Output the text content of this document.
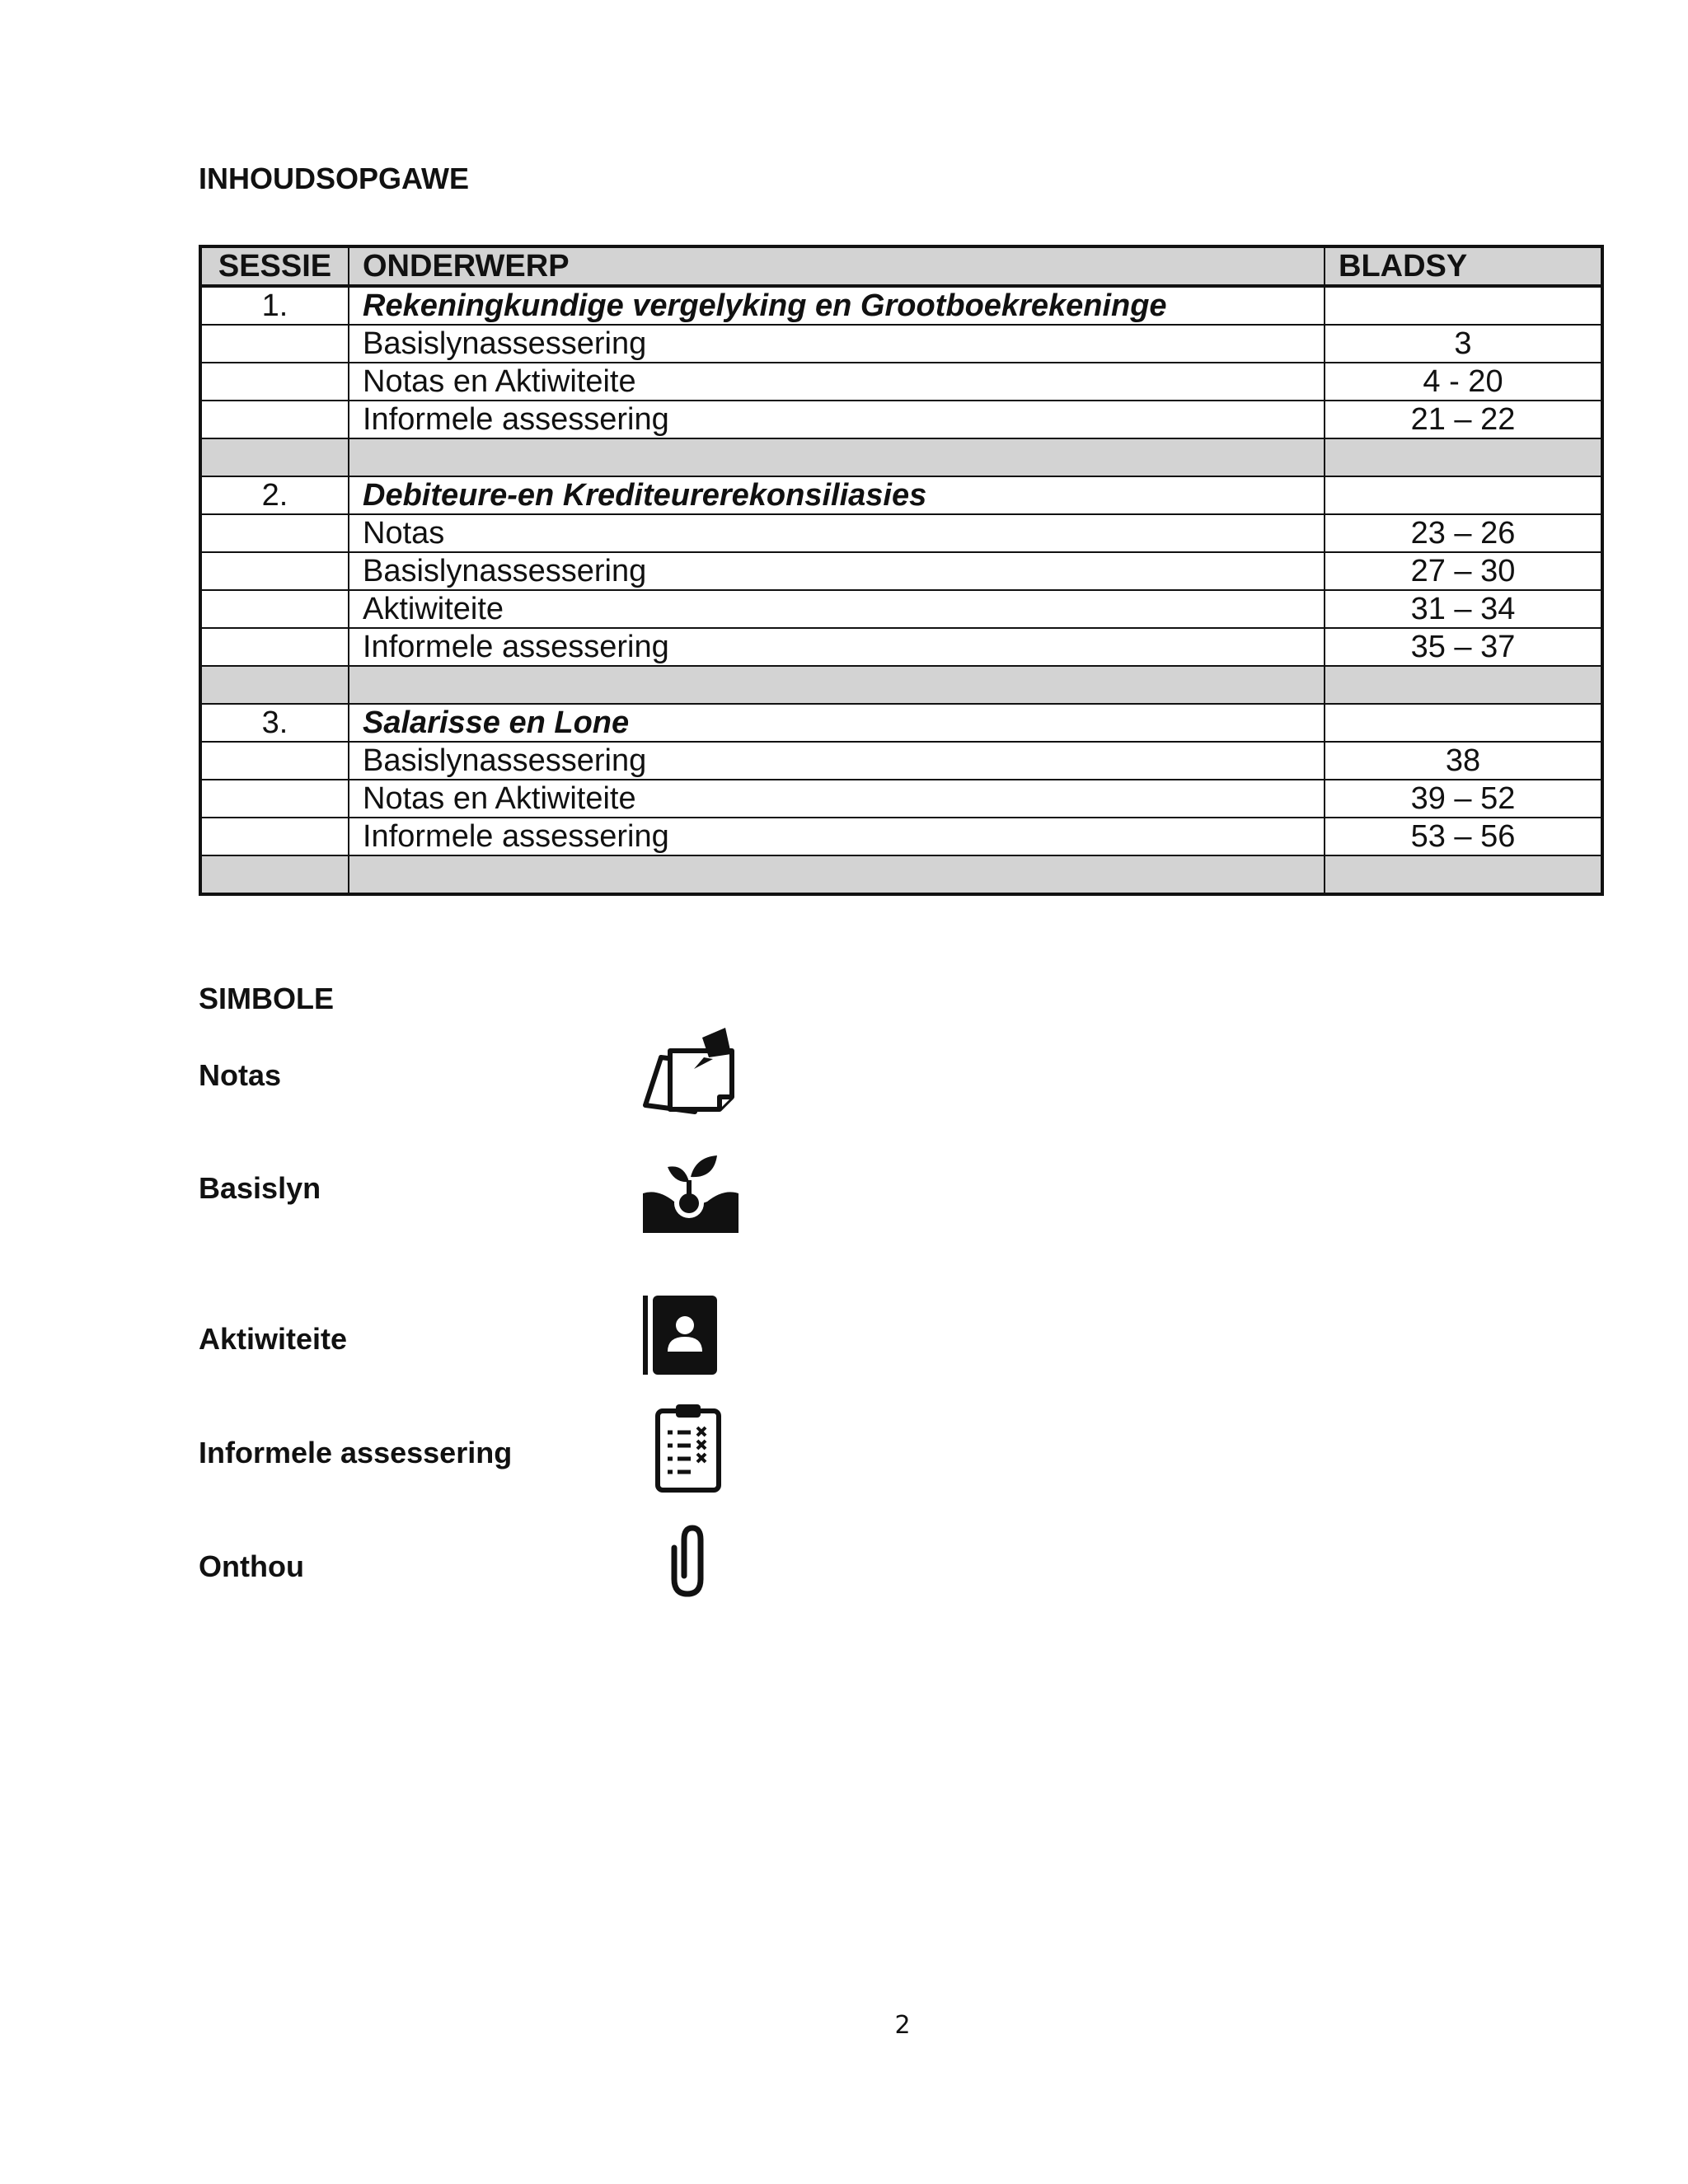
INHOUDSOPGAWE
SESSIE	ONDERWERP	BLADSY
1.	Rekeningkundige vergelyking en Grootboekrekeninge	
	Basislynassessering	3
	Notas en Aktiwiteite	4 - 20
	Informele assessering	21 – 22

2.	Debiteure-en Krediteurerekonsiliasies	
	Notas	23 – 26
	Basislynassessering	27 – 30
	Aktiwiteite	31 – 34
	Informele assessering	35 – 37

3.	Salarisse en Lone	
	Basislynassessering	38
	Notas en Aktiwiteite	39 – 52
	Informele assessering	53 – 56

SIMBOLE
Notas
Basislyn
Aktiwiteite
Informele assessering
Onthou
2
